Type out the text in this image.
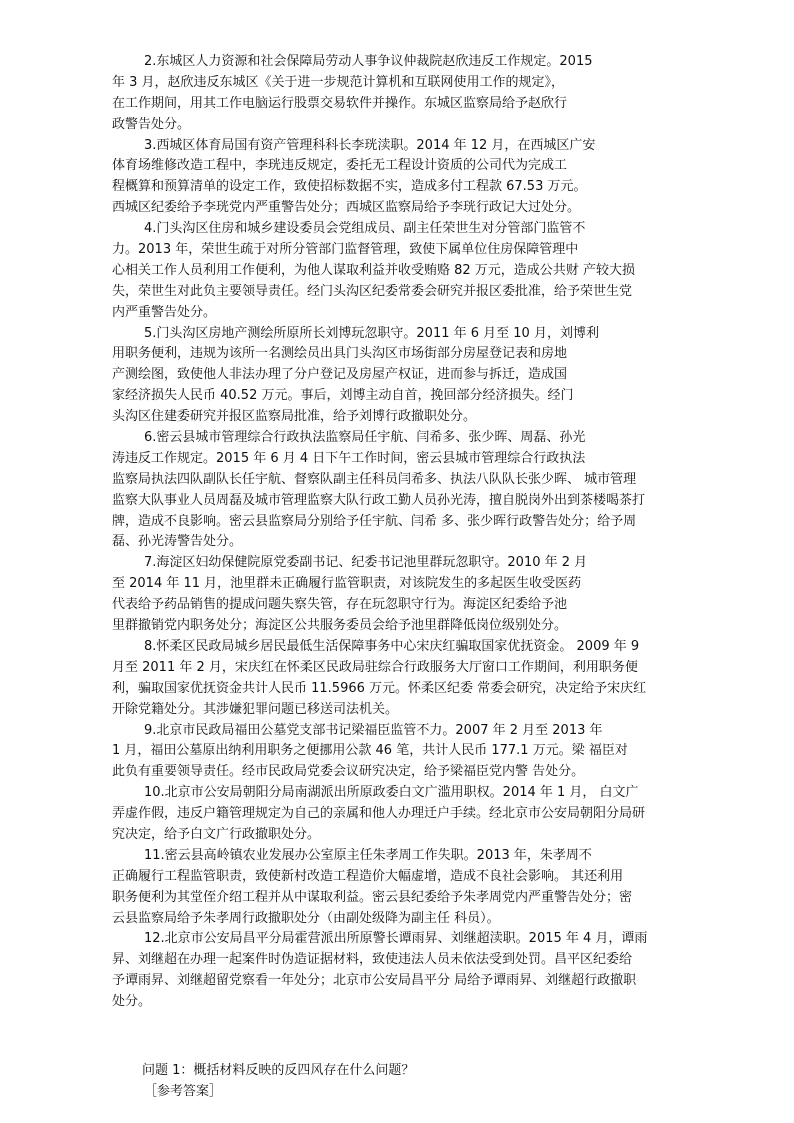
2.东城区人力资源和社会保障局劳动人事争议仲裁院赵欣违反工作规定。2015
年 3 月，赵欣违反东城区《关于进一步规范计算机和互联网使用工作的规定》，
在工作期间，用其工作电脑运行股票交易软件并操作。东城区监察局给予赵欣行
政警告处分。
3.西城区体育局国有资产管理科科长李珖渎职。2014 年 12 月，在西城区广安
体育场维修改造工程中，李珖违反规定，委托无工程设计资质的公司代为完成工
程概算和预算清单的设定工作，致使招标数据不实，造成多付工程款 67.53 万元。
西城区纪委给予李珖党内严重警告处分；西城区监察局给予李珖行政记大过处分。
4.门头沟区住房和城乡建设委员会党组成员、副主任荣世生对分管部门监管不
力。2013 年，荣世生疏于对所分管部门监督管理，致使下属单位住房保障管理中
心相关工作人员利用工作便利，为他人谋取利益并收受贿赂 82 万元，造成公共财 产较大损
失，荣世生对此负主要领导责任。经门头沟区纪委常委会研究并报区委批准，给予荣世生党
内严重警告处分。
5.门头沟区房地产测绘所原所长刘博玩忽职守。2011 年 6 月至 10 月，刘博利
用职务便利，违规为该所一名测绘员出具门头沟区市场街部分房屋登记表和房地
产测绘图，致使他人非法办理了分户登记及房屋产权证，进而参与拆迁，造成国
家经济损失人民币 40.52 万元。事后，刘博主动自首，挽回部分经济损失。经门
头沟区住建委研究并报区监察局批准，给予刘博行政撤职处分。
6.密云县城市管理综合行政执法监察局任宇航、闫希多、张少晖、周磊、孙光
涛违反工作规定。2015 年 6 月 4 日下午工作时间，密云县城市管理综合行政执法
监察局执法四队副队长任宇航、督察队副主任科员闫希多、执法八队队长张少晖、 城市管理
监察大队事业人员周磊及城市管理监察大队行政工勤人员孙光涛，擅自脱岗外出到茶楼喝茶打
牌，造成不良影响。密云县监察局分别给予任宇航、闫希 多、张少晖行政警告处分；给予周
磊、孙光涛警告处分。
7.海淀区妇幼保健院原党委副书记、纪委书记池里群玩忽职守。2010 年 2 月
至 2014 年 11 月，池里群未正确履行监管职责，对该院发生的多起医生收受医药
代表给予药品销售的提成问题失察失管，存在玩忽职守行为。海淀区纪委给予池
里群撤销党内职务处分；海淀区公共服务委员会给予池里群降低岗位级别处分。
8.怀柔区民政局城乡居民最低生活保障事务中心宋庆红骗取国家优抚资金。 2009 年 9
月至 2011 年 2 月，宋庆红在怀柔区民政局驻综合行政服务大厅窗口工作期间，利用职务便
利，骗取国家优抚资金共计人民币 11.5966 万元。怀柔区纪委 常委会研究，决定给予宋庆红
开除党籍处分。其涉嫌犯罪问题已移送司法机关。
9.北京市民政局福田公墓党支部书记梁福臣监管不力。2007 年 2 月至 2013 年
1 月，福田公墓原出纳利用职务之便挪用公款 46 笔，共计人民币 177.1 万元。梁 福臣对
此负有重要领导责任。经市民政局党委会议研究决定，给予梁福臣党内警 告处分。
10.北京市公安局朝阳分局南湖派出所原政委白文广滥用职权。2014 年 1 月， 白文广
弄虚作假，违反户籍管理规定为自己的亲属和他人办理迁户手续。经北京市公安局朝阳分局研
究决定，给予白文广行政撤职处分。
11.密云县高岭镇农业发展办公室原主任朱孝周工作失职。2013 年，朱孝周不
正确履行工程监管职责，致使新村改造工程造价大幅虚增，造成不良社会影响。 其还利用
职务便利为其堂侄介绍工程并从中谋取利益。密云县纪委给予朱孝周党内严重警告处分；密
云县监察局给予朱孝周行政撤职处分（由副处级降为副主任 科员）。
12.北京市公安局昌平分局霍营派出所原警长谭雨昇、刘继超渎职。2015 年 4 月，谭雨
昇、刘继超在办理一起案件时伪造证据材料，致使违法人员未依法受到处罚。昌平区纪委给
予谭雨昇、刘继超留党察看一年处分；北京市公安局昌平分 局给予谭雨昇、刘继超行政撤职
处分。
问题 1：概括材料反映的反四风存在什么问题？
［参考答案］
